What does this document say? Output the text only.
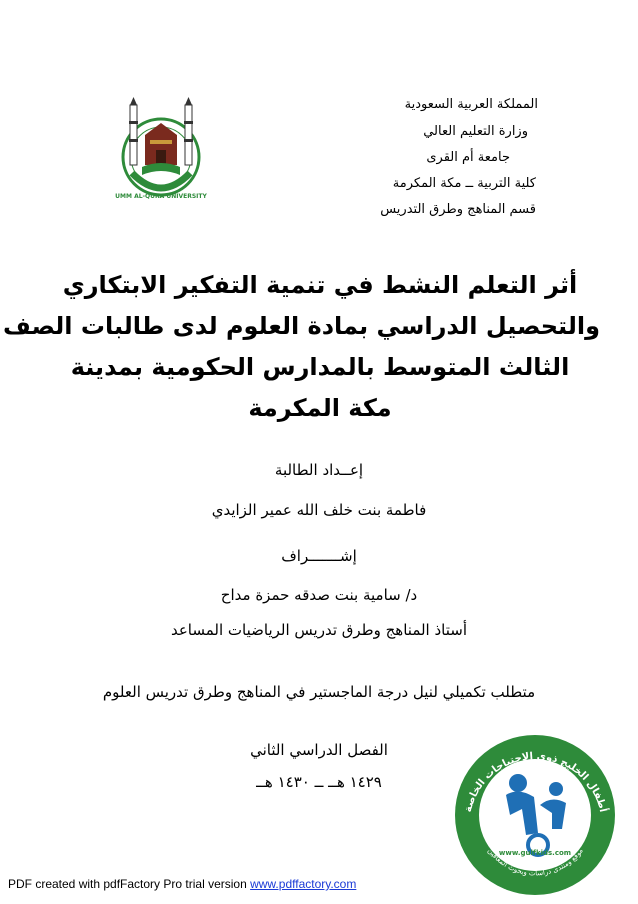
المملكة العربية السعودية
وزارة التعليم العالي
جامعة أم القرى
كلية التربية ــ مكة المكرمة
قسم المناهج وطرق التدريس
UMM AL-QURA UNIVERSITY
أثر التعلم النشط في تنمية التفكير الابتكاري
والتحصيل الدراسي بمادة العلوم لدى طالبات الصف
الثالث المتوسط بالمدارس الحكومية بمدينة
مكة المكرمة
إعــداد الطالبة
فاطمة بنت خلف الله عمير الزايدي
إشـــــــراف
د/ سامية بنت صدقه حمزة مداح
أستاذ المناهج وطرق تدريس الرياضيات المساعد
متطلب تكميلي لنيل درجة الماجستير في المناهج وطرق تدريس العلوم
الفصل الدراسي الثاني
١٤٢٩ هــ ــ ١٤٣٠ هــ
أطفال الخليج ذوي الاحتياجات الخاصة
موقع ومنتدى دراسات وبحوث المعاقين
www.gulfkids.com
PDF created with pdfFactory Pro trial version www.pdffactory.com
